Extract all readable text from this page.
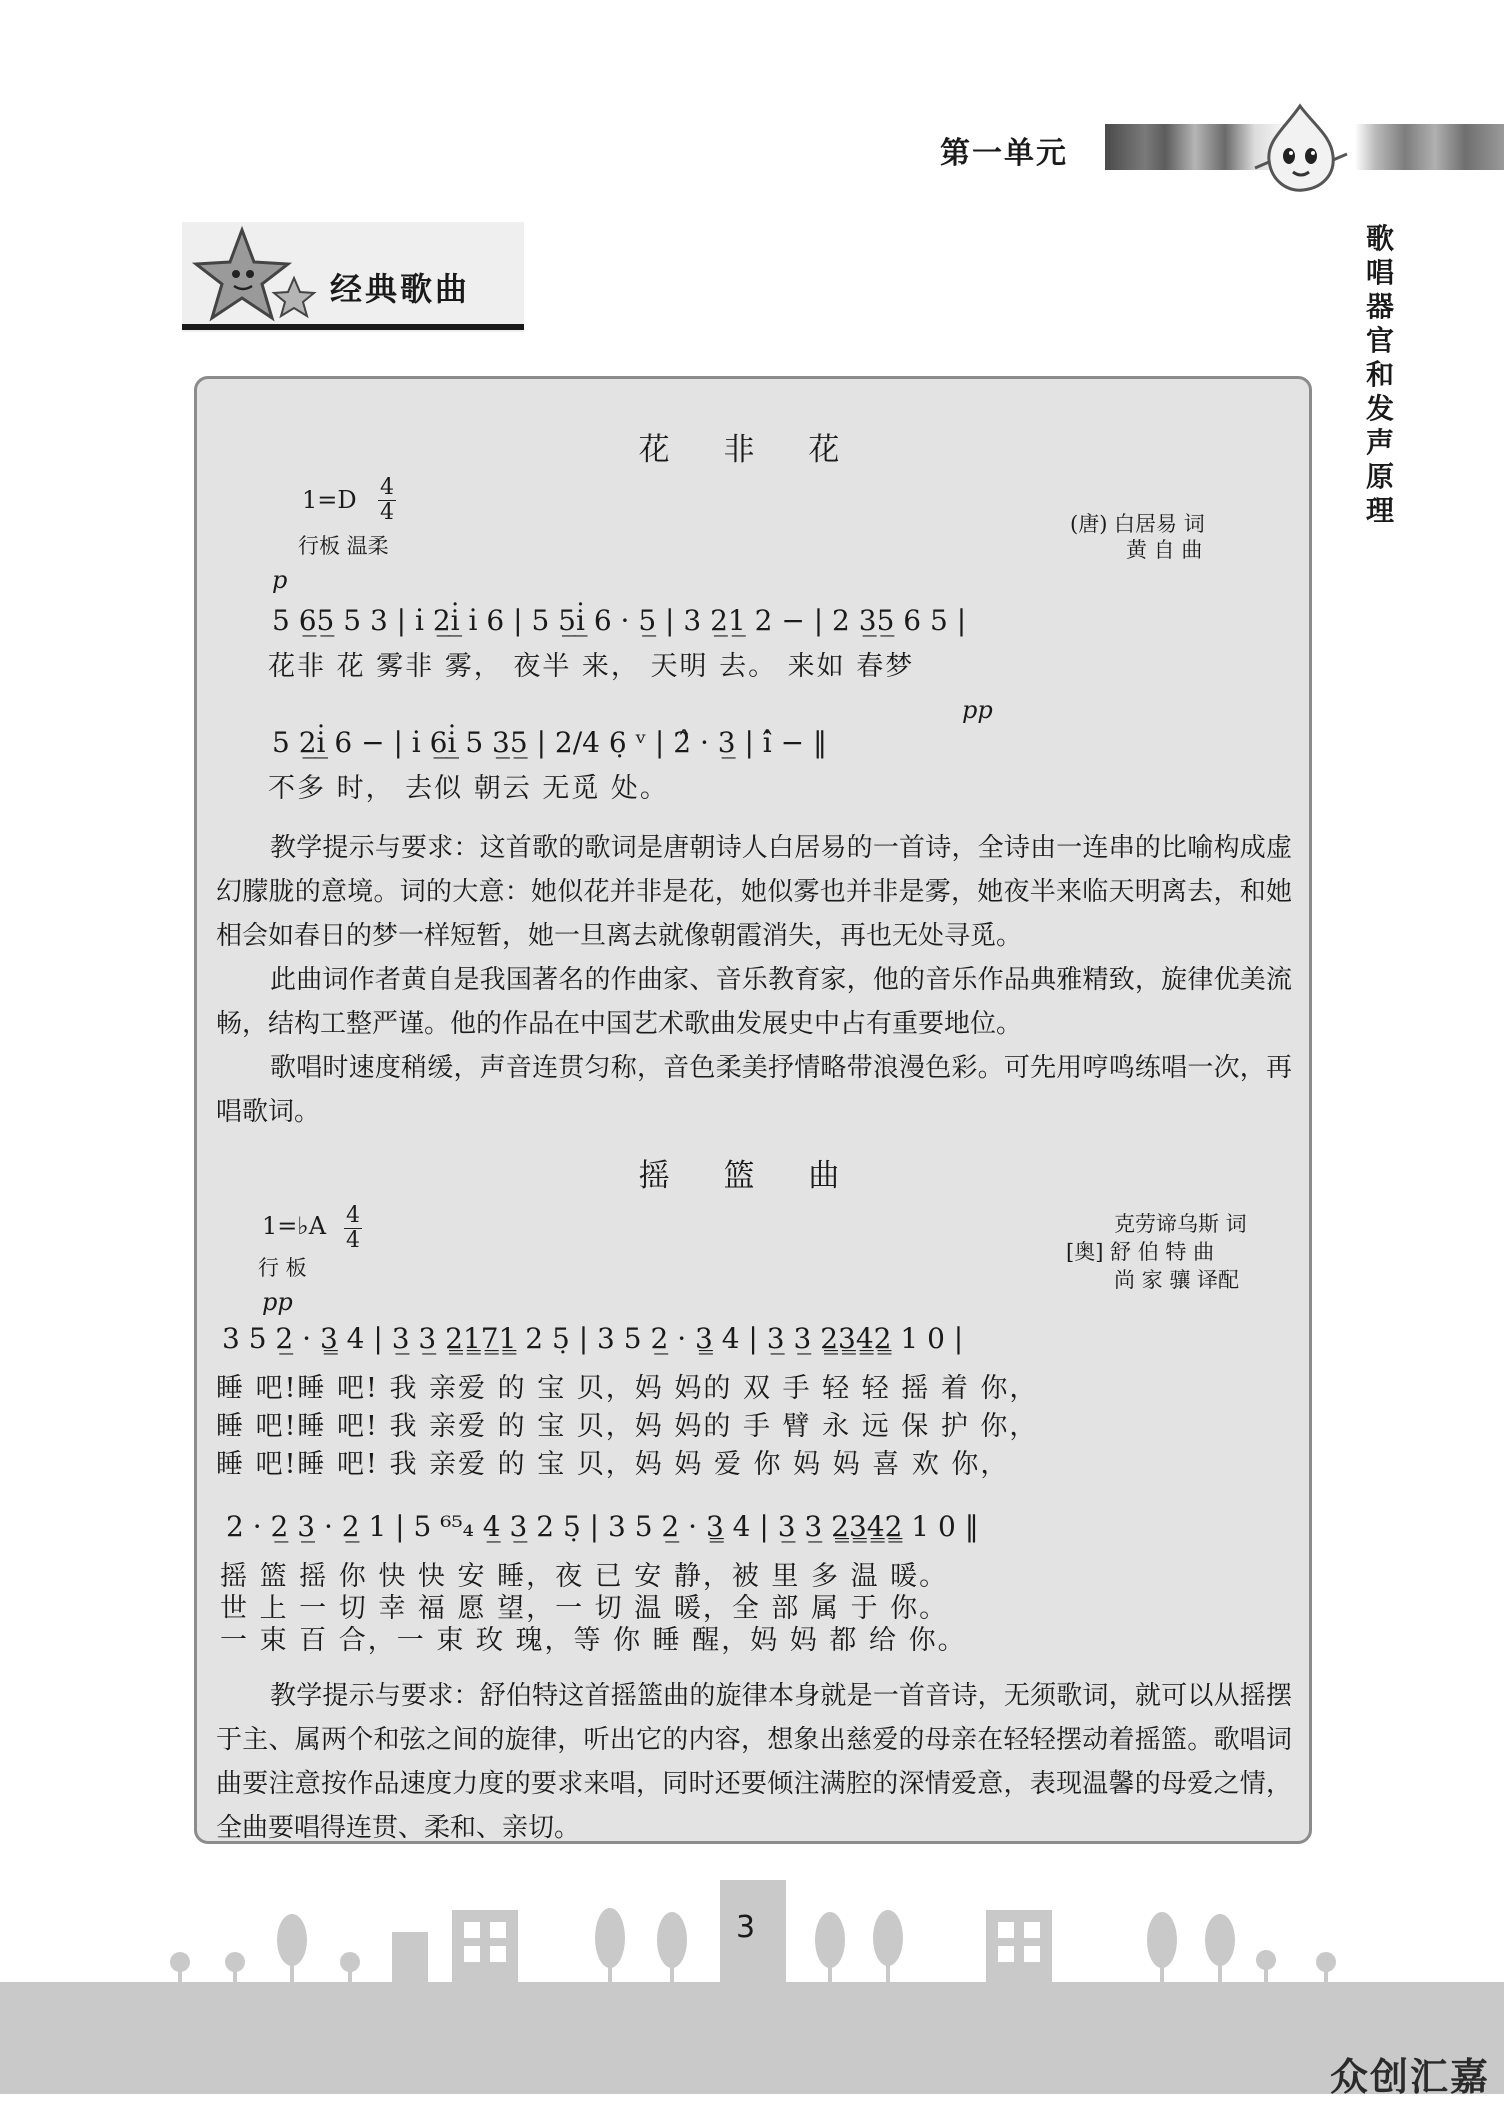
第一单元
歌唱器官和发声原理
经典歌曲
花 非 花
1=D 4
4
行板 温柔
(唐) 白居易 词
黄 自 曲
p
5 6̲5̲ 5 3 | i̇ 2̲i̲̇ i̇ 6 | 5 5̲i̲̇ 6 · 5̲ | 3 2̲1̲ 2 − | 2 3̲5̲ 6 5 |
花非 花 雾非 雾， 夜半 来， 天明 去。 来如 春梦
pp
5 2̲i̲̇ 6 − | i̇ 6̲i̲̇ 5 3̲5̲ | 2/4 6̣ ᵛ | 2̂ · 3̲ | i̇̂ − ‖
不多 时， 去似 朝云 无觅 处。

教学提示与要求：这首歌的歌词是唐朝诗人白居易的一首诗，全诗由一连串的比喻构成虚幻朦胧的意境。词的大意：她似花并非是花，她似雾也并非是雾，她夜半来临天明离去，和她相会如春日的梦一样短暂，她一旦离去就像朝霞消失，再也无处寻觅。

此曲词作者黄自是我国著名的作曲家、音乐教育家，他的音乐作品典雅精致，旋律优美流畅，结构工整严谨。他的作品在中国艺术歌曲发展史中占有重要地位。

歌唱时速度稍缓，声音连贯匀称，音色柔美抒情略带浪漫色彩。可先用哼鸣练唱一次，再唱歌词。

摇 篮 曲
1=♭A 4
4
行 板
克劳谛乌斯 词
[奥] 舒 伯 特 曲
尚 家 骧 译配
pp
3 5 2̲ · 3̳ 4 | 3̲ 3̲ 2̳1̳7̳1̳ 2 5̣ | 3 5 2̲ · 3̳ 4 | 3̲ 3̲ 2̳3̳4̳2̳ 1 0 |
睡 吧!睡 吧! 我 亲爱 的 宝 贝，妈 妈的 双 手 轻 轻 摇 着 你，
睡 吧!睡 吧! 我 亲爱 的 宝 贝，妈 妈的 手 臂 永 远 保 护 你，
睡 吧!睡 吧! 我 亲爱 的 宝 贝，妈 妈 爱 你 妈 妈 喜 欢 你，
2 · 2̲ 3̲ · 2̲ 1 | 5 ⁶⁵₄ 4̲ 3̲ 2 5̣ | 3 5 2̲ · 3̳ 4 | 3̲ 3̲ 2̳3̳4̳2̳ 1 0 ‖
摇 篮 摇 你 快 快 安 睡，夜 已 安 静，被 里 多 温 暖。
世 上 一 切 幸 福 愿 望，一 切 温 暖，全 部 属 于 你。
一 束 百 合，一 束 玫 瑰，等 你 睡 醒，妈 妈 都 给 你。

教学提示与要求：舒伯特这首摇篮曲的旋律本身就是一首音诗，无须歌词，就可以从摇摆于主、属两个和弦之间的旋律，听出它的内容，想象出慈爱的母亲在轻轻摆动着摇篮。歌唱词曲要注意按作品速度力度的要求来唱，同时还要倾注满腔的深情爱意，表现温馨的母爱之情，全曲要唱得连贯、柔和、亲切。

3
众创汇嘉
